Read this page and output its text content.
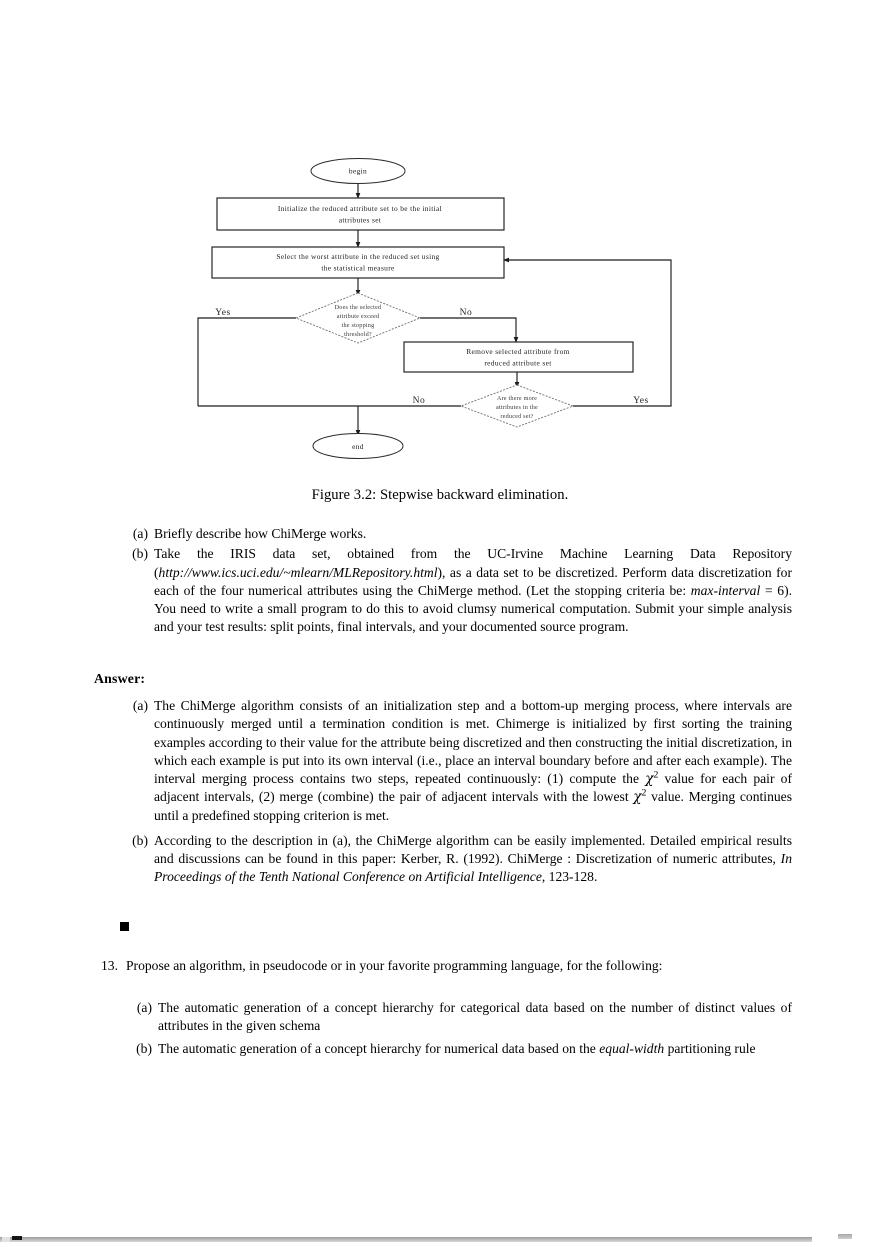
begin
Initialize the reduced attribute set to be the initial
attributes set
Select the worst attribute in the reduced set using
the statistical measure
Does the selected
attribute exceed
the stopping
threshold?
Yes	No
Remove selected attribute from
reduced attribute set
Are there more
attributes in the
reduced set?
No	Yes
end
Figure 3.2: Stepwise backward elimination.
(a) Briefly describe how ChiMerge works.
(b) Take the IRIS data set, obtained from the UC-Irvine Machine Learning Data Repository (http://www.ics.uci.edu/~mlearn/MLRepository.html), as a data set to be discretized. Perform data discretization for each of the four numerical attributes using the ChiMerge method. (Let the stopping criteria be: max-interval = 6). You need to write a small program to do this to avoid clumsy numerical computation. Submit your simple analysis and your test results: split points, final intervals, and your documented source program.
Answer:
(a) The ChiMerge algorithm consists of an initialization step and a bottom-up merging process, where intervals are continuously merged until a termination condition is met. Chimerge is initialized by first sorting the training examples according to their value for the attribute being discretized and then constructing the initial discretization, in which each example is put into its own interval (i.e., place an interval boundary before and after each example). The interval merging process contains two steps, repeated continuously: (1) compute the $\chi^2$ value for each pair of adjacent intervals, (2) merge (combine) the pair of adjacent intervals with the lowest $\chi^2$ value. Merging continues until a predefined stopping criterion is met.
(b) According to the description in (a), the ChiMerge algorithm can be easily implemented. Detailed empirical results and discussions can be found in this paper: Kerber, R. (1992). ChiMerge : Discretization of numeric attributes, In Proceedings of the Tenth National Conference on Artificial Intelligence, 123-128.
13. Propose an algorithm, in pseudocode or in your favorite programming language, for the following:
(a) The automatic generation of a concept hierarchy for categorical data based on the number of distinct values of attributes in the given schema
(b) The automatic generation of a concept hierarchy for numerical data based on the equal-width partitioning rule
